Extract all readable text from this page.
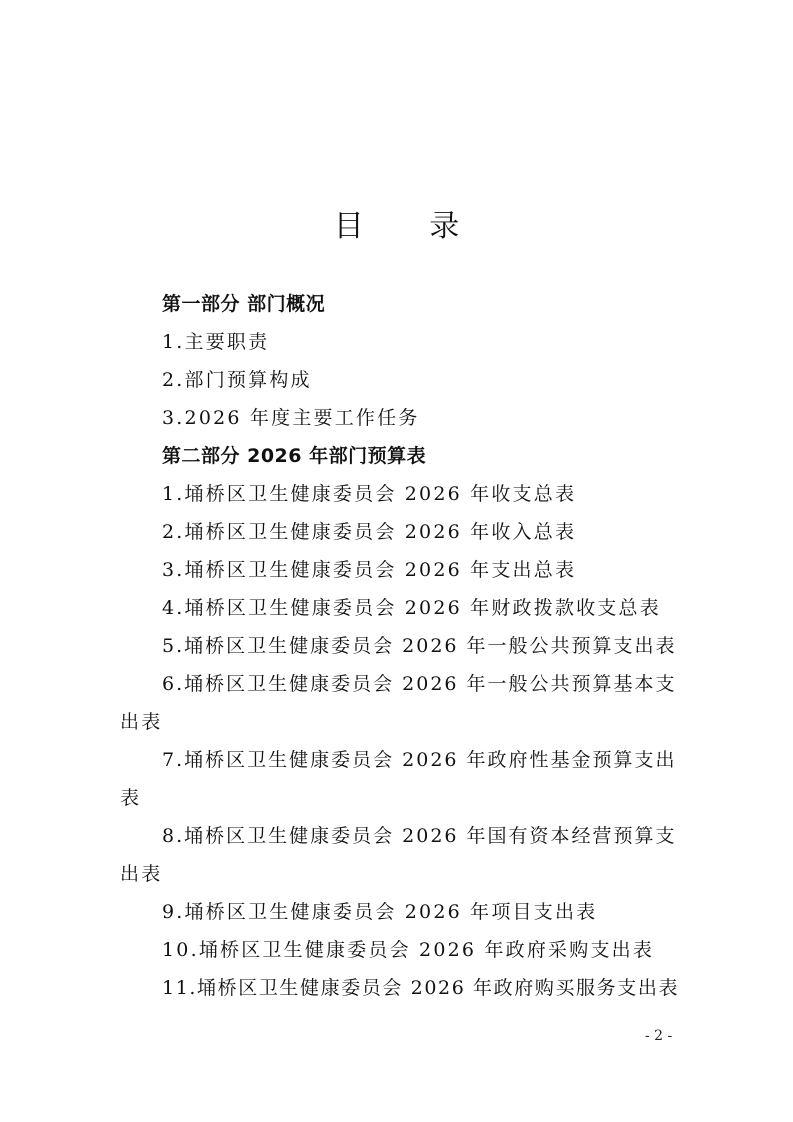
目 录
第一部分 部门概况
1.主要职责
2.部门预算构成
3.2026 年度主要工作任务
第二部分 2026 年部门预算表
1.埇桥区卫生健康委员会 2026 年收支总表
2.埇桥区卫生健康委员会 2026 年收入总表
3.埇桥区卫生健康委员会 2026 年支出总表
4.埇桥区卫生健康委员会 2026 年财政拨款收支总表
5.埇桥区卫生健康委员会 2026 年一般公共预算支出表
6.埇桥区卫生健康委员会 2026 年一般公共预算基本支
出表
7.埇桥区卫生健康委员会 2026 年政府性基金预算支出
表
8.埇桥区卫生健康委员会 2026 年国有资本经营预算支
出表
9.埇桥区卫生健康委员会 2026 年项目支出表
10.埇桥区卫生健康委员会 2026 年政府采购支出表
11.埇桥区卫生健康委员会 2026 年政府购买服务支出表
- 2 -
